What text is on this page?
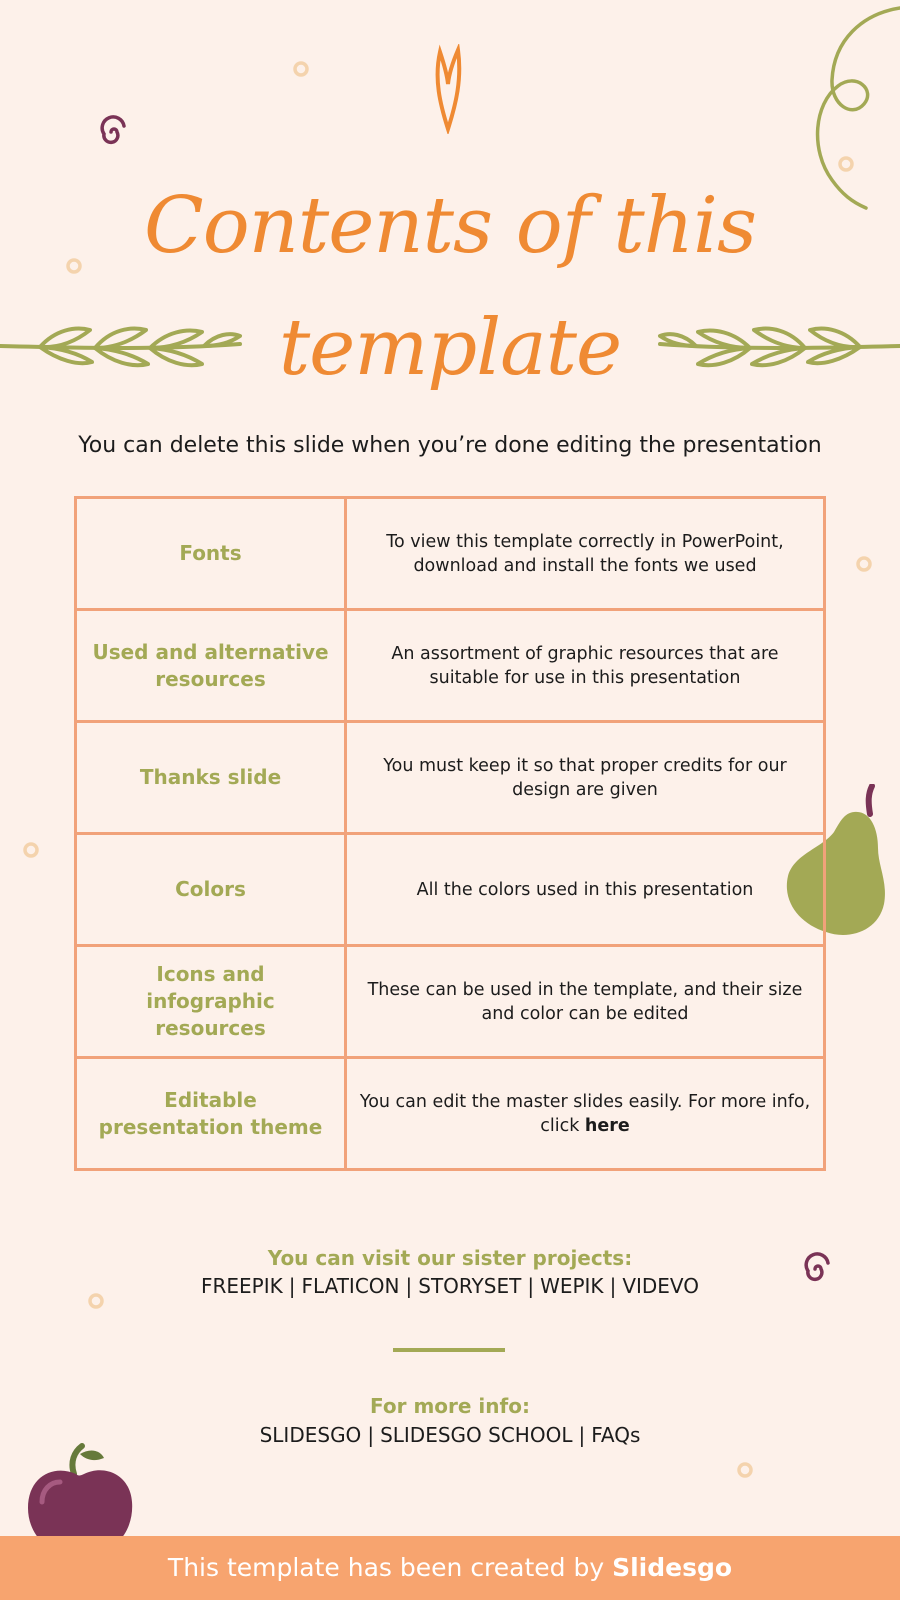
Contents of this
template
You can delete this slide when you’re done editing the presentation
Fonts	To view this template correctly in PowerPoint, download and install the fonts we used
Used and alternative resources	An assortment of graphic resources that are suitable for use in this presentation
Thanks slide	You must keep it so that proper credits for our design are given
Colors	All the colors used in this presentation
Icons and infographic resources	These can be used in the template, and their size and color can be edited
Editable presentation theme	You can edit the master slides easily. For more info, click here
You can visit our sister projects:
FREEPIK | FLATICON | STORYSET | WEPIK | VIDEVO
For more info:
SLIDESGO | SLIDESGO SCHOOL | FAQs
This template has been created by Slidesgo
